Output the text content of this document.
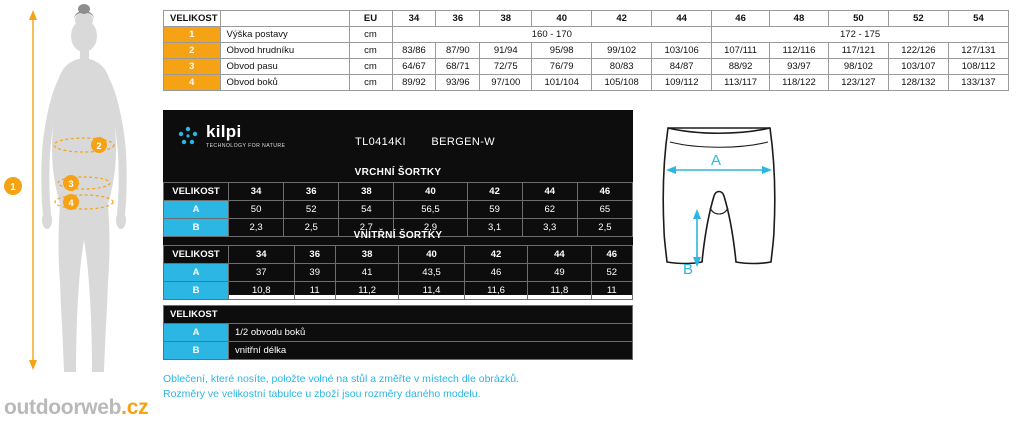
1
2
3
4
VELIKOST		EU	34	36	38	40	42	44	46	48	50	52	54
1	Výška postavy	cm	160 - 170						172 - 175				
2	Obvod hrudníku	cm	83/86	87/90	91/94	95/98	99/102	103/106	107/111	112/116	117/121	122/126	127/131
3	Obvod pasu	cm	64/67	68/71	72/75	76/79	80/83	84/87	88/92	93/97	98/102	103/107	108/112
4	Obvod boků	cm	89/92	93/96	97/100	101/104	105/108	109/112	113/117	118/122	123/127	128/132	133/137
kilpi
TECHNOLOGY FOR NATURE	TL0414KI BERGEN-W
VRCHNÍ ŠORTKY
VELIKOST	34	36	38	40	42	44	46
A	50	52	54	56,5	59	62	65
B	2,3	2,5	2,7	2,9	3,1	3,3	2,5
VNITŘNÍ ŠORTKY
VELIKOST	34	36	38	40	42	44	46
A	37	39	41	43,5	46	49	52
B	10,8	11	11,2	11,4	11,6	11,8	11
VELIKOST	
A	1/2 obvodu boků
B	vnitřní délka
A
B
Oblečení, které nosíte, položte volné na stůl a změřte v místech dle obrázků.
Rozměry ve velikostní tabulce u zboží jsou rozměry daného modelu.
outdoorweb.cz
